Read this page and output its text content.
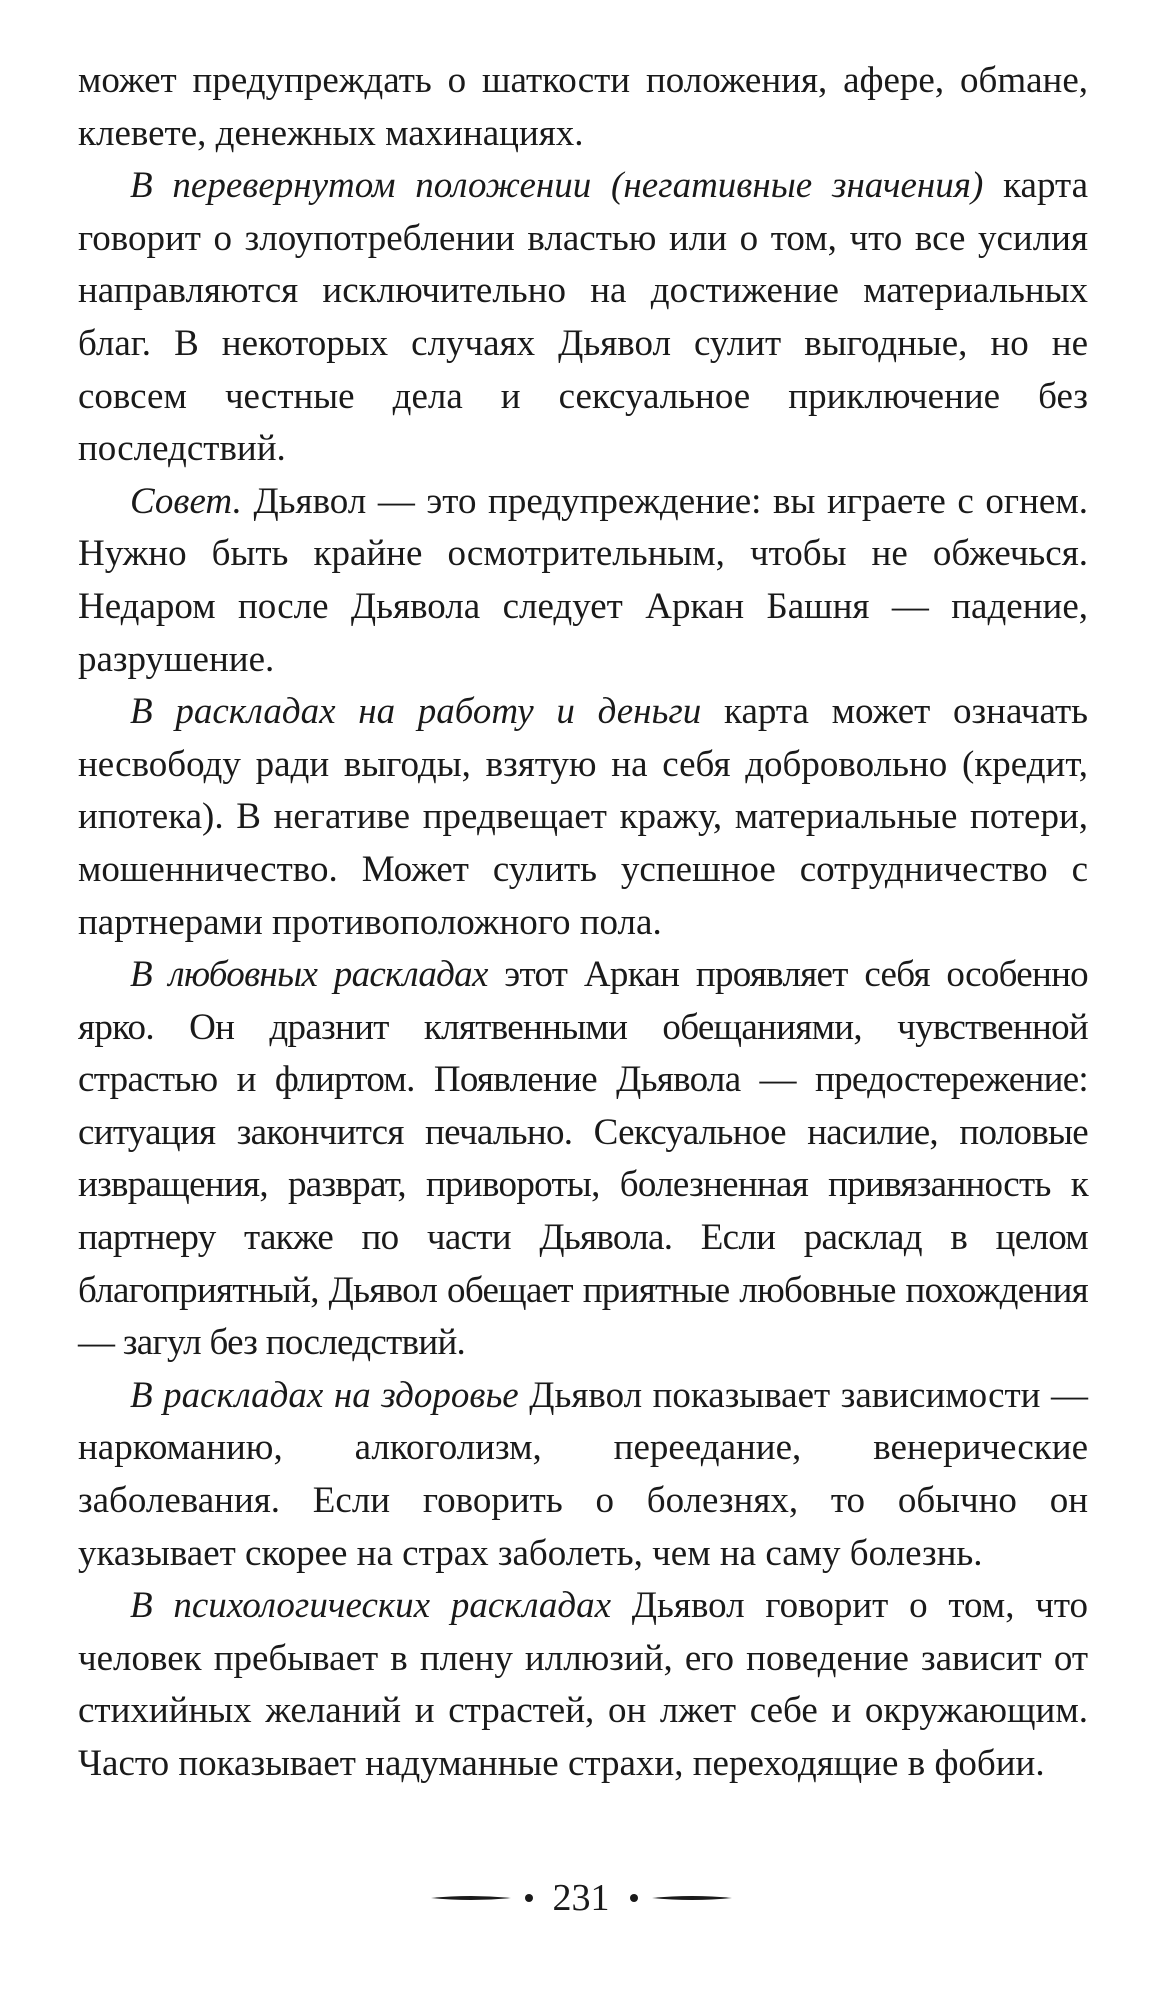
может предупреждать о шаткости положения, афере, обmане, клевете, денежных махинациях.

В перевернутом положении (негативные значения) карта говорит о злоупотреблении властью или о том, что все усилия направляются исключительно на достижение материальных благ. В некоторых случаях Дьявол сулит выгодные, но не совсем честные дела и сексуальное приключение без последствий.

Совет. Дьявол — это предупреждение: вы играете с огнем. Нужно быть крайне осмотрительным, чтобы не обжечься. Недаром после Дьявола следует Аркан Башня — падение, разрушение.

В раскладах на работу и деньги карта может означать несвободу ради выгоды, взятую на себя добровольно (кредит, ипотека). В негативе предвещает кражу, материальные потери, мошенничество. Может сулить успешное сотрудничество с партнерами противоположного пола.

В любовных раскладах этот Аркан проявляет себя особенно ярко. Он дразнит клятвенными обещаниями, чувственной страстью и флиртом. Появление Дьявола — предостережение: ситуация закончится печально. Сексуальное насилие, половые извращения, разврат, привороты, болезненная привязанность к партнеру также по части Дьявола. Если расклад в целом благоприятный, Дьявол обещает приятные любовные похождения — загул без последствий.

В раскладах на здоровье Дьявол показывает зависимости — наркоманию, алкоголизм, переедание, венерические заболевания. Если говорить о болезнях, то обычно он указывает скорее на страх заболеть, чем на саму болезнь.

В психологических раскладах Дьявол говорит о том, что человек пребывает в плену иллюзий, его поведение зависит от стихийных желаний и страстей, он лжет себе и окружающим. Часто показывает надуманные страхи, переходящие в фобии.

231
